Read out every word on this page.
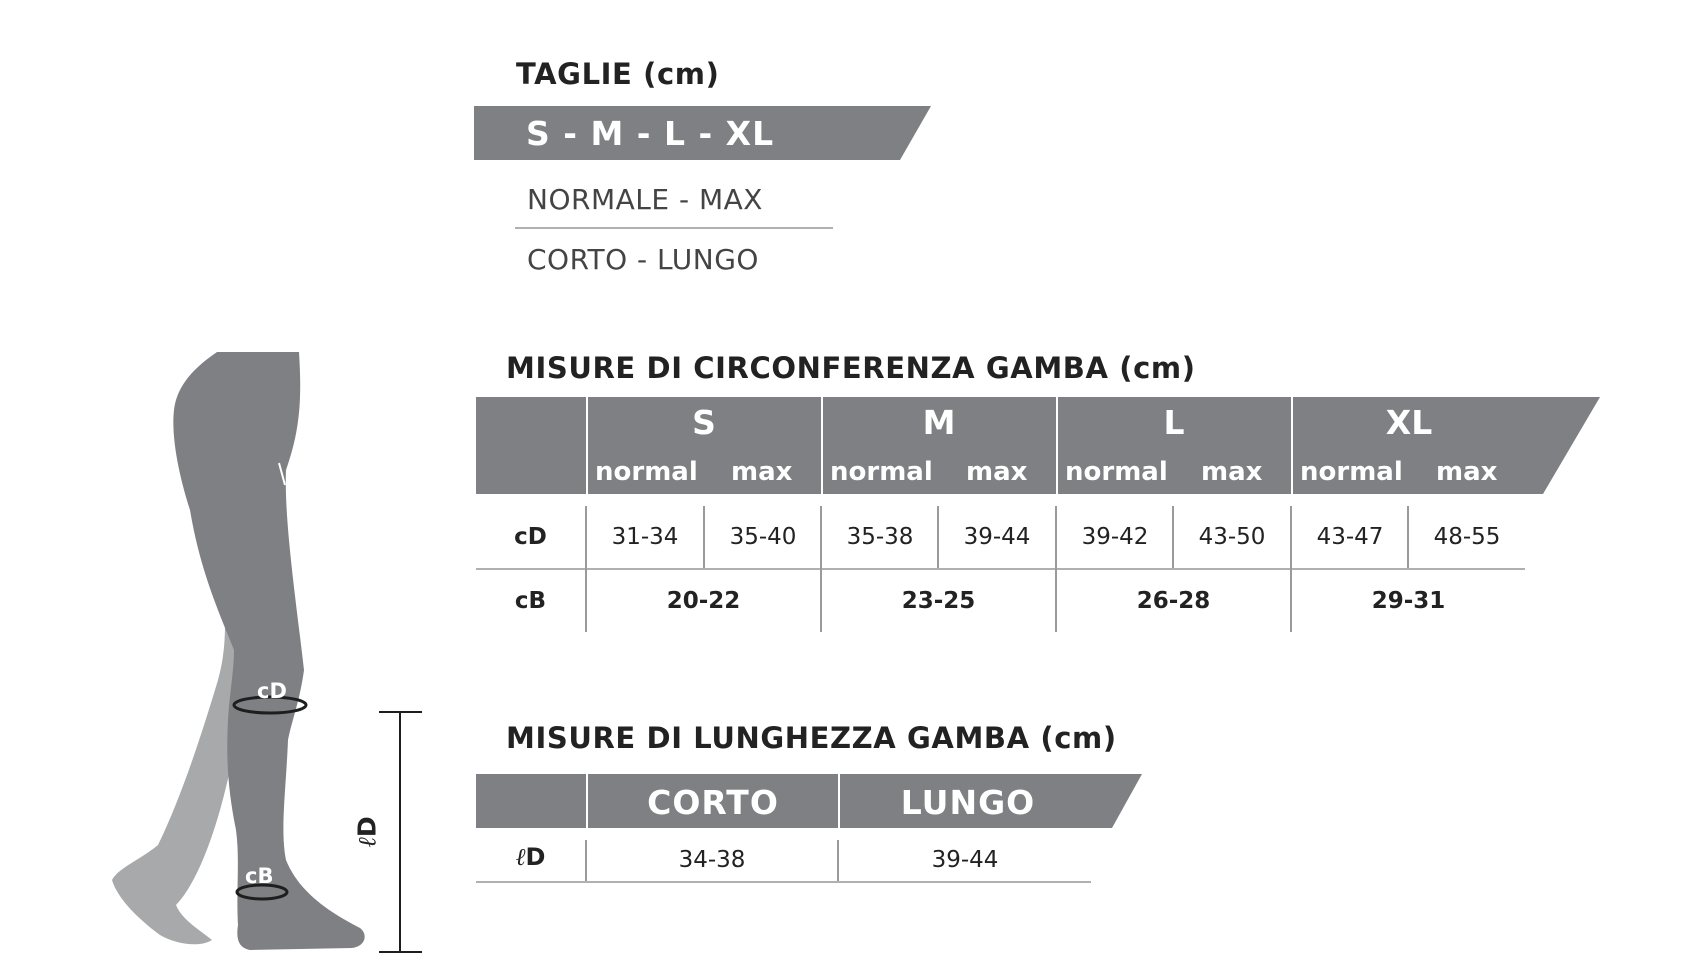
cD
cB
ℓD
TAGLIE (cm)
S - M - L - XL
NORMALE - MAX
CORTO - LUNGO
MISURE DI CIRCONFERENZA GAMBA (cm)
S	M	L	XL
normal max normal max normal max normal max
cD	31-34	35-40	35-38	39-44	39-42	43-50	43-47	48-55
cB	20-22	23-25	26-28	29-31
MISURE DI LUNGHEZZA GAMBA (cm)
CORTO	LUNGO
ℓD	34-38	39-44
